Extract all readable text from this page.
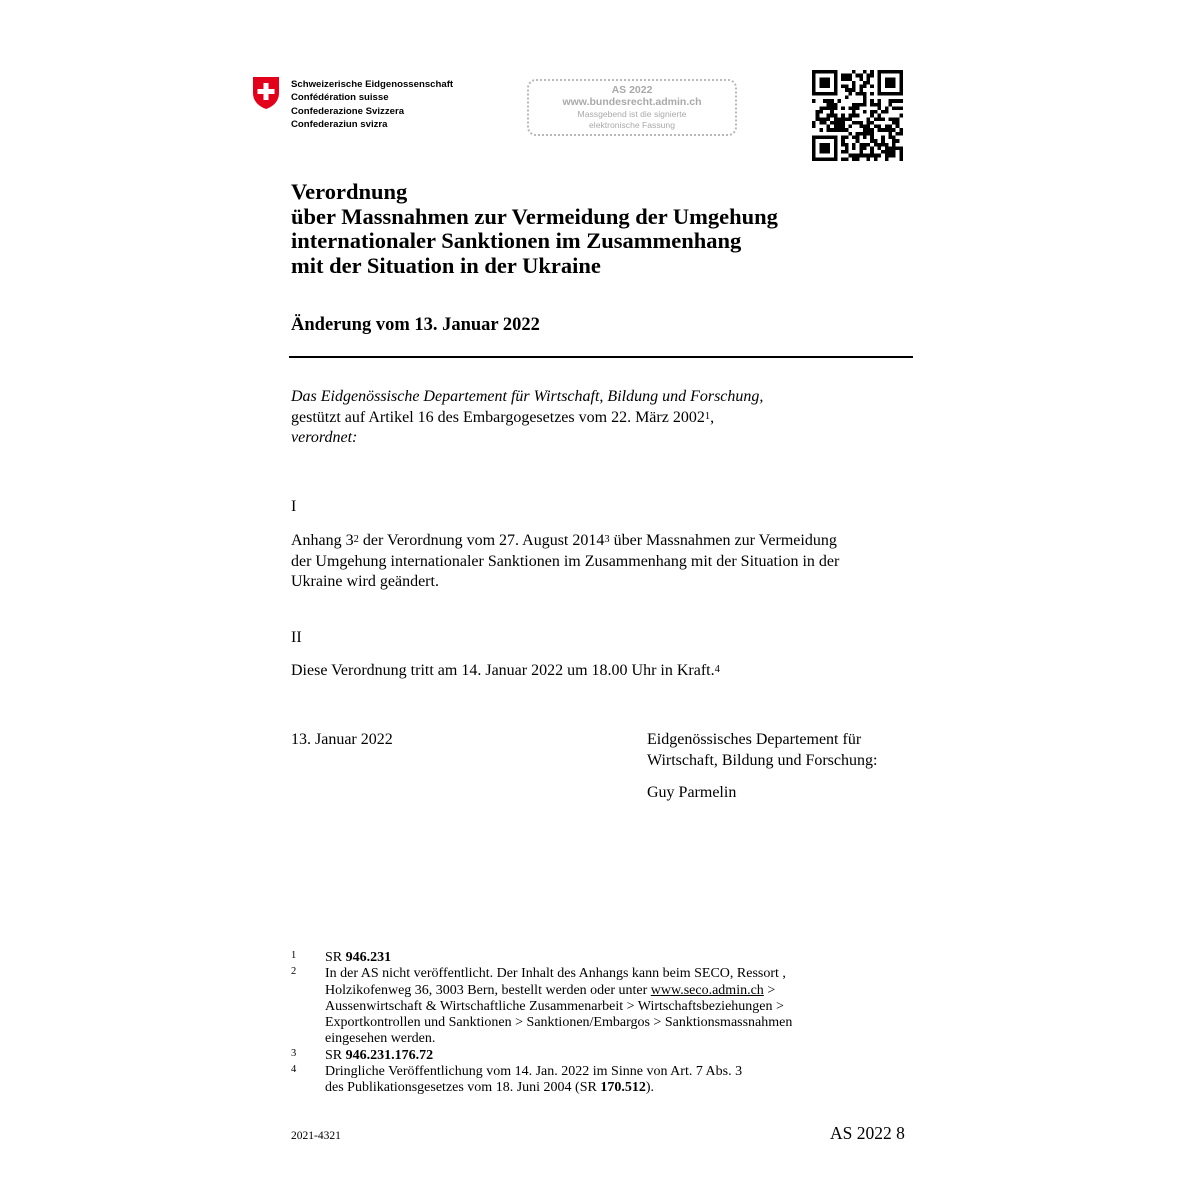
Schweizerische Eidgenossenschaft
Confédération suisse
Confederazione Svizzera
Confederaziun svizra
AS 2022
www.bundesrecht.admin.ch
Massgebend ist die signierte
elektronische Fassung
Verordnung
über Massnahmen zur Vermeidung der Umgehung
internationaler Sanktionen im Zusammenhang
mit der Situation in der Ukraine
Änderung vom 13. Januar 2022
Das Eidgenössische Departement für Wirtschaft, Bildung und Forschung,
gestützt auf Artikel 16 des Embargogesetzes vom 22. März 2002$^1$,
verordnet:
I
Anhang $3^2$ der Verordnung vom 27. August 2014$^3$ über Massnahmen zur Vermeidung
der Umgehung internationaler Sanktionen im Zusammenhang mit der Situation in der
Ukraine wird geändert.
II
Diese Verordnung tritt am 14. Januar 2022 um 18.00 Uhr in Kraft.$^4$
13. Januar 2022	Eidgenössisches Departement für
Wirtschaft, Bildung und Forschung:
Guy Parmelin
1 SR 946.231
2 In der AS nicht veröffentlicht. Der Inhalt des Anhangs kann beim SECO, Ressort ,
Holzikofenweg 36, 3003 Bern, bestellt werden oder unter www.seco.admin.ch >
Aussenwirtschaft & Wirtschaftliche Zusammenarbeit > Wirtschaftsbeziehungen >
Exportkontrollen und Sanktionen > Sanktionen/Embargos > Sanktionsmassnahmen
eingesehen werden.
3 SR 946.231.176.72
4 Dringliche Veröffentlichung vom 14. Jan. 2022 im Sinne von Art. 7 Abs. 3
des Publikationsgesetzes vom 18. Juni 2004 (SR 170.512).
2021-4321	AS 2022 8
